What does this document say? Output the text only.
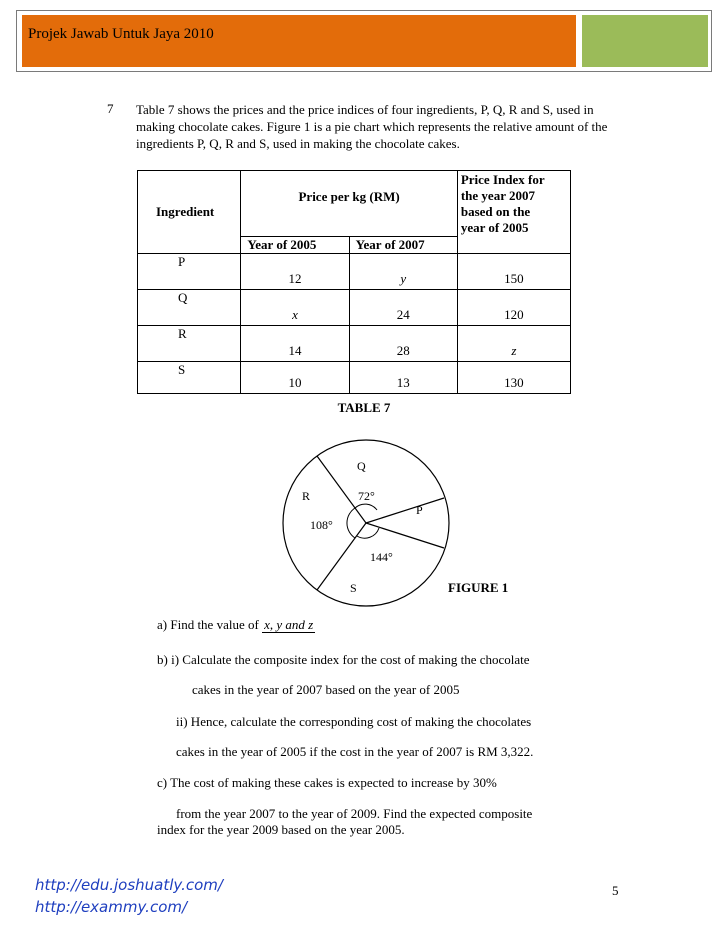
Projek Jawab Untuk Jaya 2010
7 Table 7 shows the prices and the price indices of four ingredients, P, Q, R and S, used in
making chocolate cakes. Figure 1 is a pie chart which represents the relative amount of the
ingredients P, Q, R and S, used in making the chocolate cakes.
Ingredient	Price per kg (RM)		Price Index for
the year 2007
based on the
year of 2005

	Year of 2005	Year of 2007	
P	12	y	150
Q	x	24	120
R	14	28	z
S	10	13	130
TABLE 7
Q
R	72°
P
108°
144°
S	FIGURE 1
a) Find the value of x, y and z
b) i) Calculate the composite index for the cost of making the chocolate
cakes in the year of 2007 based on the year of 2005
ii) Hence, calculate the corresponding cost of making the chocolates
cakes in the year of 2005 if the cost in the year of 2007 is RM 3,322.
c) The cost of making these cakes is expected to increase by 30%
from the year 2007 to the year of 2009. Find the expected composite
index for the year 2009 based on the year 2005.
http://edu.joshuatly.com/
http://exammy.com/
5
